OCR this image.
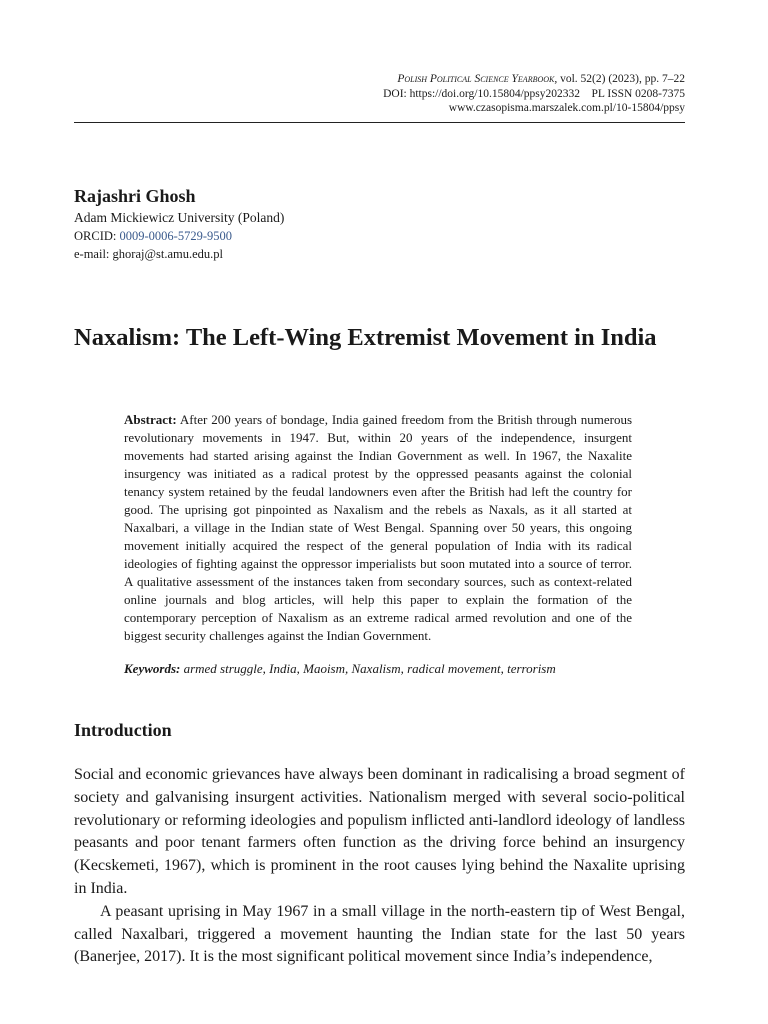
Polish Political Science Yearbook, vol. 52(2) (2023), pp. 7–22
DOI: https://doi.org/10.15804/ppsy202332 PL ISSN 0208-7375
www.czasopisma.marszalek.com.pl/10-15804/ppsy
Rajashri Ghosh
Adam Mickiewicz University (Poland)
ORCID: 0009-0006-5729-9500
e-mail: ghoraj@st.amu.edu.pl
Naxalism: The Left-Wing Extremist Movement in India

Abstract: After 200 years of bondage, India gained freedom from the British through numerous revolutionary movements in 1947. But, within 20 years of the independence, insurgent movements had started arising against the Indian Government as well. In 1967, the Naxalite insurgency was initiated as a radical protest by the oppressed peasants against the colonial tenancy system retained by the feudal landowners even after the British had left the country for good. The uprising got pinpointed as Naxalism and the rebels as Naxals, as it all started at Naxalbari, a village in the Indian state of West Bengal. Spanning over 50 years, this ongoing movement initially acquired the respect of the general population of India with its radical ideologies of fighting against the oppressor imperialists but soon mutated into a source of terror. A qualitative assessment of the instances taken from secondary sources, such as context-related online journals and blog articles, will help this paper to explain the formation of the contemporary perception of Naxalism as an extreme radical armed revolution and one of the biggest security challenges against the Indian Government.

Keywords: armed struggle, India, Maoism, Naxalism, radical movement, terrorism

Introduction

Social and economic grievances have always been dominant in radicalising a broad segment of society and galvanising insurgent activities. Nationalism merged with several socio-political revolutionary or reforming ideologies and populism inflicted anti-landlord ideology of landless peasants and poor tenant farmers often function as the driving force behind an insurgency (Kecskemeti, 1967), which is prominent in the root causes lying behind the Naxalite uprising in India.

A peasant uprising in May 1967 in a small village in the north-eastern tip of West Bengal, called Naxalbari, triggered a movement haunting the Indian state for the last 50 years (Banerjee, 2017). It is the most significant political movement since India’s independence,
